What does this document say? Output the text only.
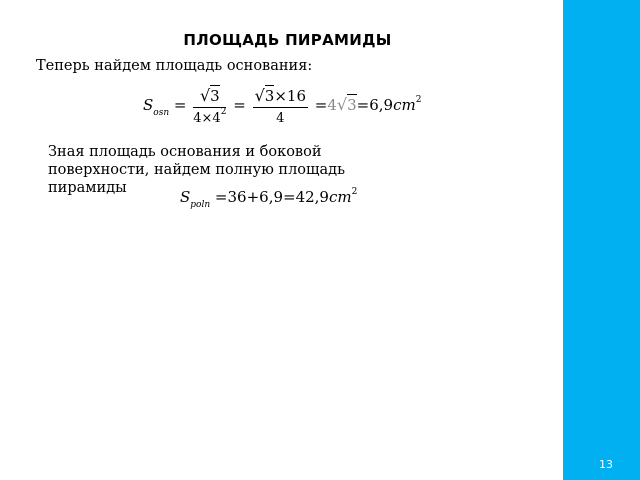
ПЛОЩАДЬ ПИРАМИДЫ
Теперь найдем площадь основания:
$S_{osn} = \frac{√3}{4\times 4^2} = \frac{√3\times 16}{4} =4√3=6,9cm^2$
Зная площадь основания и боковой поверхности, найдем полную площадь пирамиды	$S_{poln} =36+6,9=42,9cm^2$
13
